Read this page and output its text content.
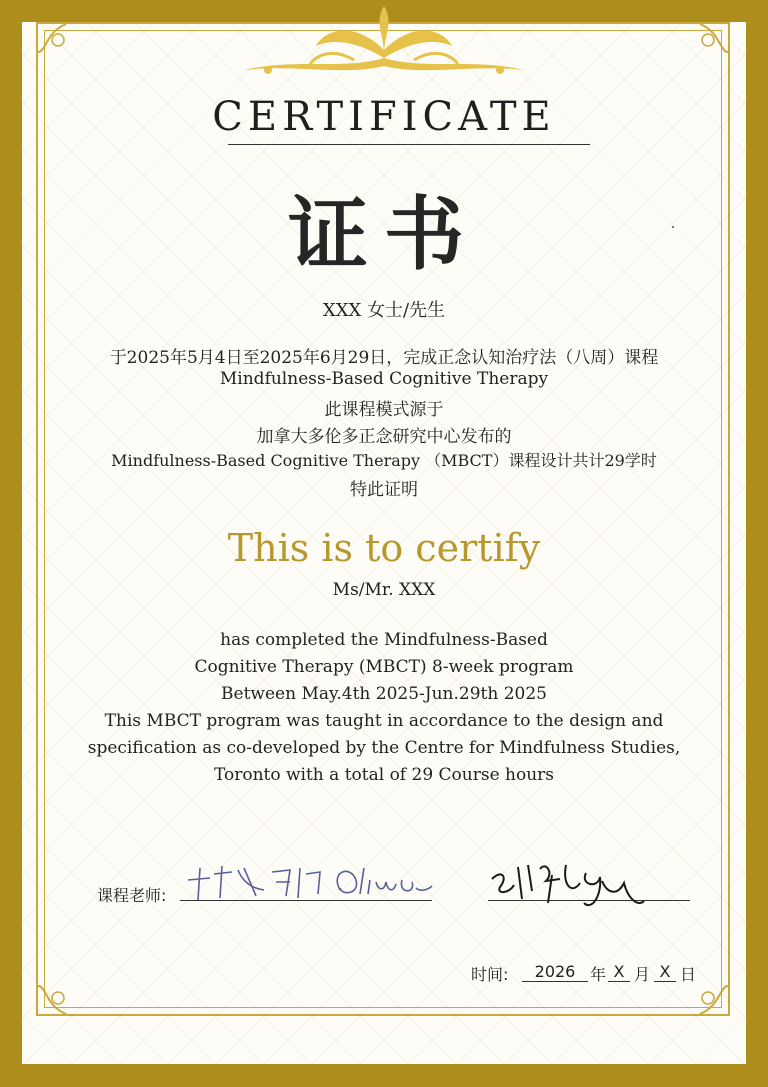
CERTIFICATE
证书
XXX 女士/先生
于2025年5月4日至2025年6月29日，完成正念认知治疗法（八周）课程
Mindfulness-Based Cognitive Therapy
此课程模式源于
加拿大多伦多正念研究中心发布的
Mindfulness-Based Cognitive Therapy （MBCT）课程设计共计29学时
特此证明
This is to certify
Ms/Mr. XXX
has completed the Mindfulness-Based
Cognitive Therapy (MBCT) 8-week program
Between May.4th 2025-Jun.29th 2025
This MBCT program was taught in accordance to the design and
specification as co-developed by the Centre for Mindfulness Studies,
Toronto with a total of 29 Course hours
课程老师:
时间:	2026 年 X 月 X 日
